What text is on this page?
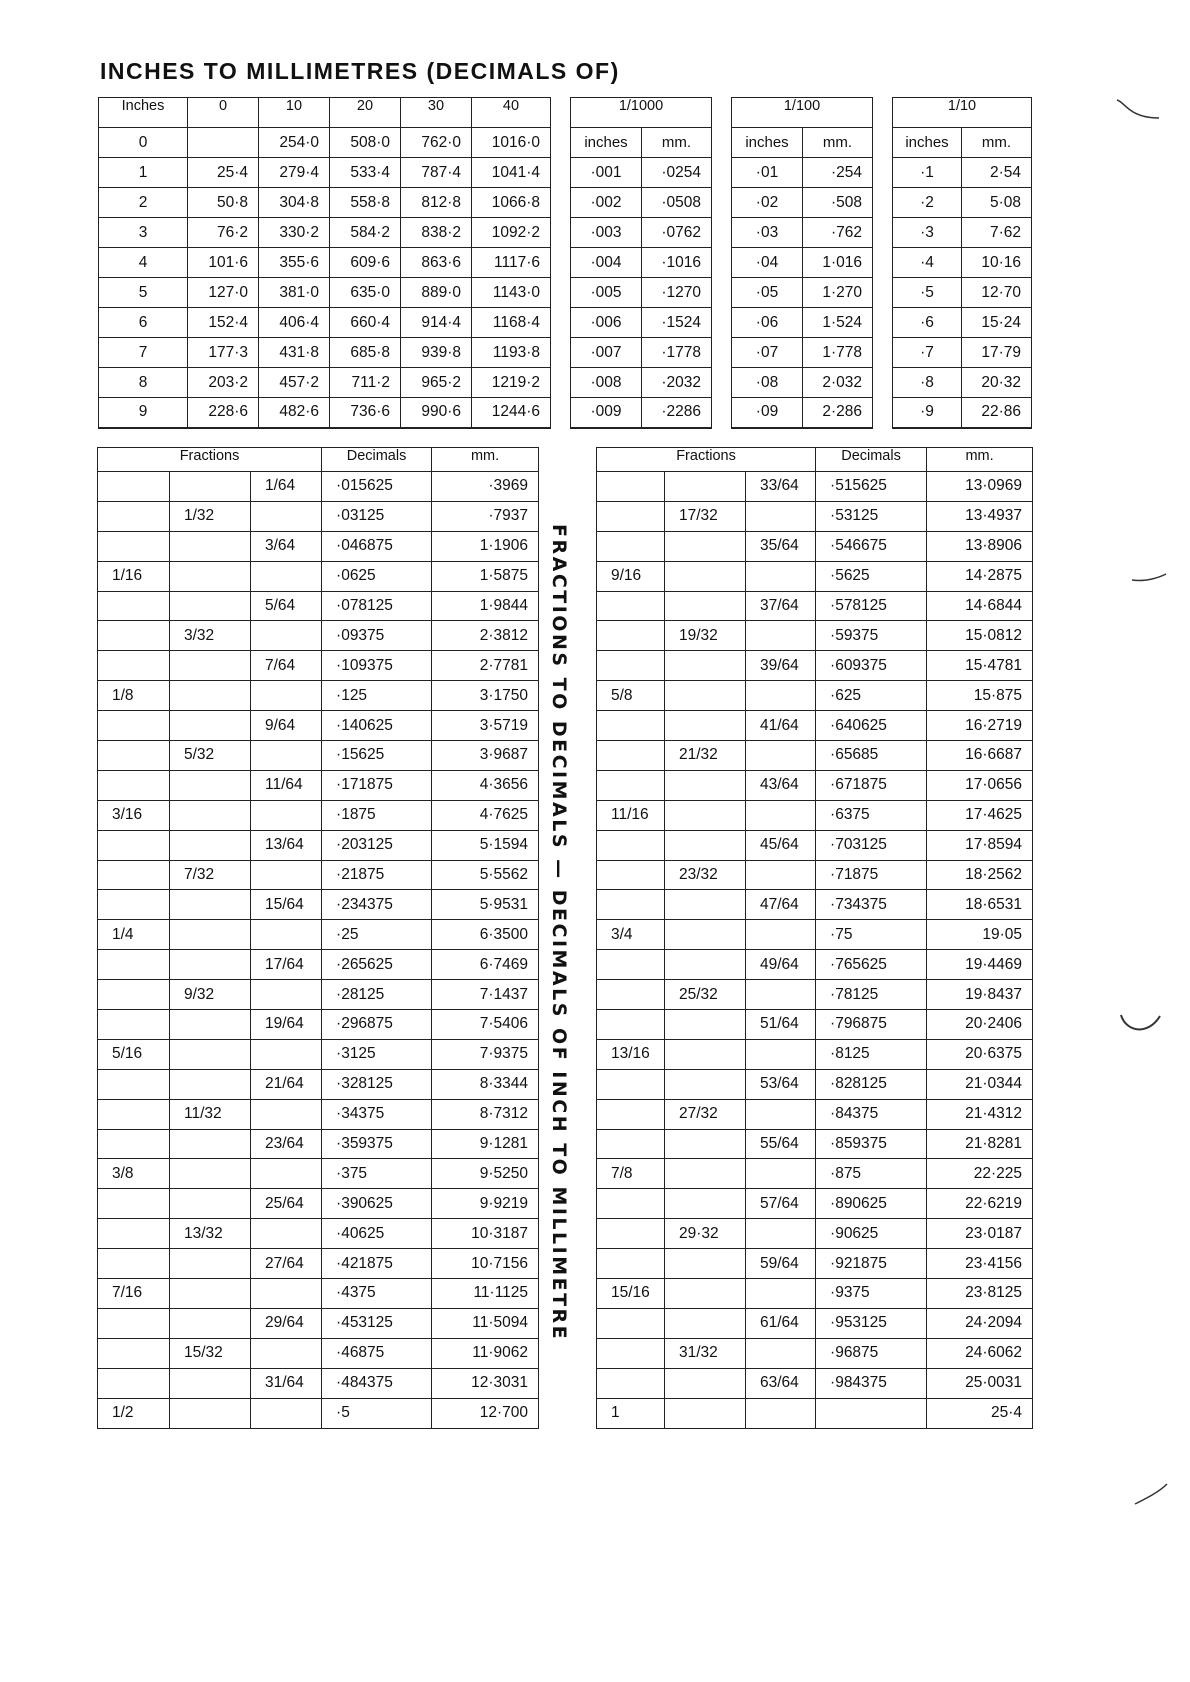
INCHES TO MILLIMETRES (DECIMALS OF)
Inches	0	10	20	30	40
0		254·0	508·0	762·0	1016·0
1	25·4	279·4	533·4	787·4	1041·4
2	50·8	304·8	558·8	812·8	1066·8
3	76·2	330·2	584·2	838·2	1092·2
4	101·6	355·6	609·6	863·6	1117·6
5	127·0	381·0	635·0	889·0	1143·0
6	152·4	406·4	660·4	914·4	1168·4
7	177·3	431·8	685·8	939·8	1193·8
8	203·2	457·2	711·2	965·2	1219·2
9	228·6	482·6	736·6	990·6	1244·6
1/1000	
inches	mm.
·001	·0254
·002	·0508
·003	·0762
·004	·1016
·005	·1270
·006	·1524
·007	·1778
·008	·2032
·009	·2286
1/100	
inches	mm.
·01	·254
·02	·508
·03	·762
·04	1·016
·05	1·270
·06	1·524
·07	1·778
·08	2·032
·09	2·286
1/10	
inches	mm.
·1	2·54
·2	5·08
·3	7·62
·4	10·16
·5	12·70
·6	15·24
·7	17·79
·8	20·32
·9	22·86
Fractions			Decimals	mm.
		1/64	·015625	·3969
	1/32		·03125	·7937
		3/64	·046875	1·1906
1/16			·0625	1·5875
		5/64	·078125	1·9844
	3/32		·09375	2·3812
		7/64	·109375	2·7781
1/8			·125	3·1750
		9/64	·140625	3·5719
	5/32		·15625	3·9687
		11/64	·171875	4·3656
3/16			·1875	4·7625
		13/64	·203125	5·1594
	7/32		·21875	5·5562
		15/64	·234375	5·9531
1/4			·25	6·3500
		17/64	·265625	6·7469
	9/32		·28125	7·1437
		19/64	·296875	7·5406
5/16			·3125	7·9375
		21/64	·328125	8·3344
	11/32		·34375	8·7312
		23/64	·359375	9·1281
3/8			·375	9·5250
		25/64	·390625	9·9219
	13/32		·40625	10·3187
		27/64	·421875	10·7156
7/16			·4375	11·1125
		29/64	·453125	11·5094
	15/32		·46875	11·9062
		31/64	·484375	12·3031
1/2			·5	12·700
Fractions			Decimals	mm.
		33/64	·515625	13·0969
	17/32		·53125	13·4937
		35/64	·546675	13·8906
9/16			·5625	14·2875
		37/64	·578125	14·6844
	19/32		·59375	15·0812
		39/64	·609375	15·4781
5/8			·625	15·875
		41/64	·640625	16·2719
	21/32		·65685	16·6687
		43/64	·671875	17·0656
11/16			·6375	17·4625
		45/64	·703125	17·8594
	23/32		·71875	18·2562
		47/64	·734375	18·6531
3/4			·75	19·05
		49/64	·765625	19·4469
	25/32		·78125	19·8437
		51/64	·796875	20·2406
13/16			·8125	20·6375
		53/64	·828125	21·0344
	27/32		·84375	21·4312
		55/64	·859375	21·8281
7/8			·875	22·225
		57/64	·890625	22·6219
	29·32		·90625	23·0187
		59/64	·921875	23·4156
15/16			·9375	23·8125
		61/64	·953125	24·2094
	31/32		·96875	24·6062
		63/64	·984375	25·0031
1				25·4
FRACTIONS TO DECIMALS — DECIMALS OF INCH TO MILLIMETRE
